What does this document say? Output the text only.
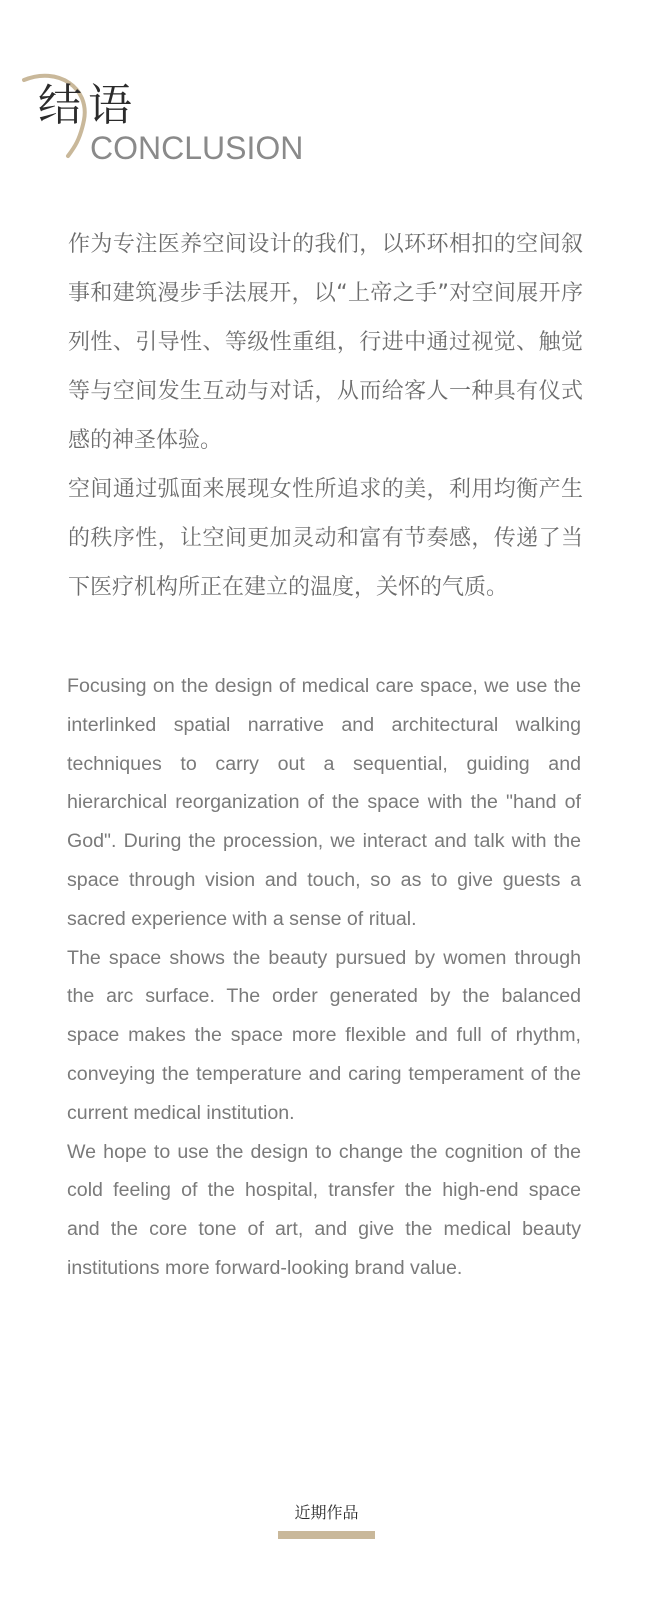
结语
CONCLUSION

作为专注医养空间设计的我们，以环环相扣的空间叙事和建筑漫步手法展开，以“上帝之手”对空间展开序列性、引导性、等级性重组，行进中通过视觉、触觉等与空间发生互动与对话，从而给客人一种具有仪式感的神圣体验。

空间通过弧面来展现女性所追求的美，利用均衡产生的秩序性，让空间更加灵动和富有节奏感，传递了当下医疗机构所正在建立的温度，关怀的气质。

Focusing on the design of medical care space, we use the interlinked spatial narrative and architectural walking techniques to carry out a sequential, guiding and hierarchical reorganization of the space with the "hand of God". During the procession, we interact and talk with the space through vision and touch, so as to give guests a sacred experience with a sense of ritual.

The space shows the beauty pursued by women through the arc surface. The order generated by the balanced space makes the space more flexible and full of rhythm, conveying the temperature and caring temperament of the current medical institution.

We hope to use the design to change the cognition of the cold feeling of the hospital, transfer the high-end space and the core tone of art, and give the medical beauty institutions more forward-looking brand value.

近期作品
